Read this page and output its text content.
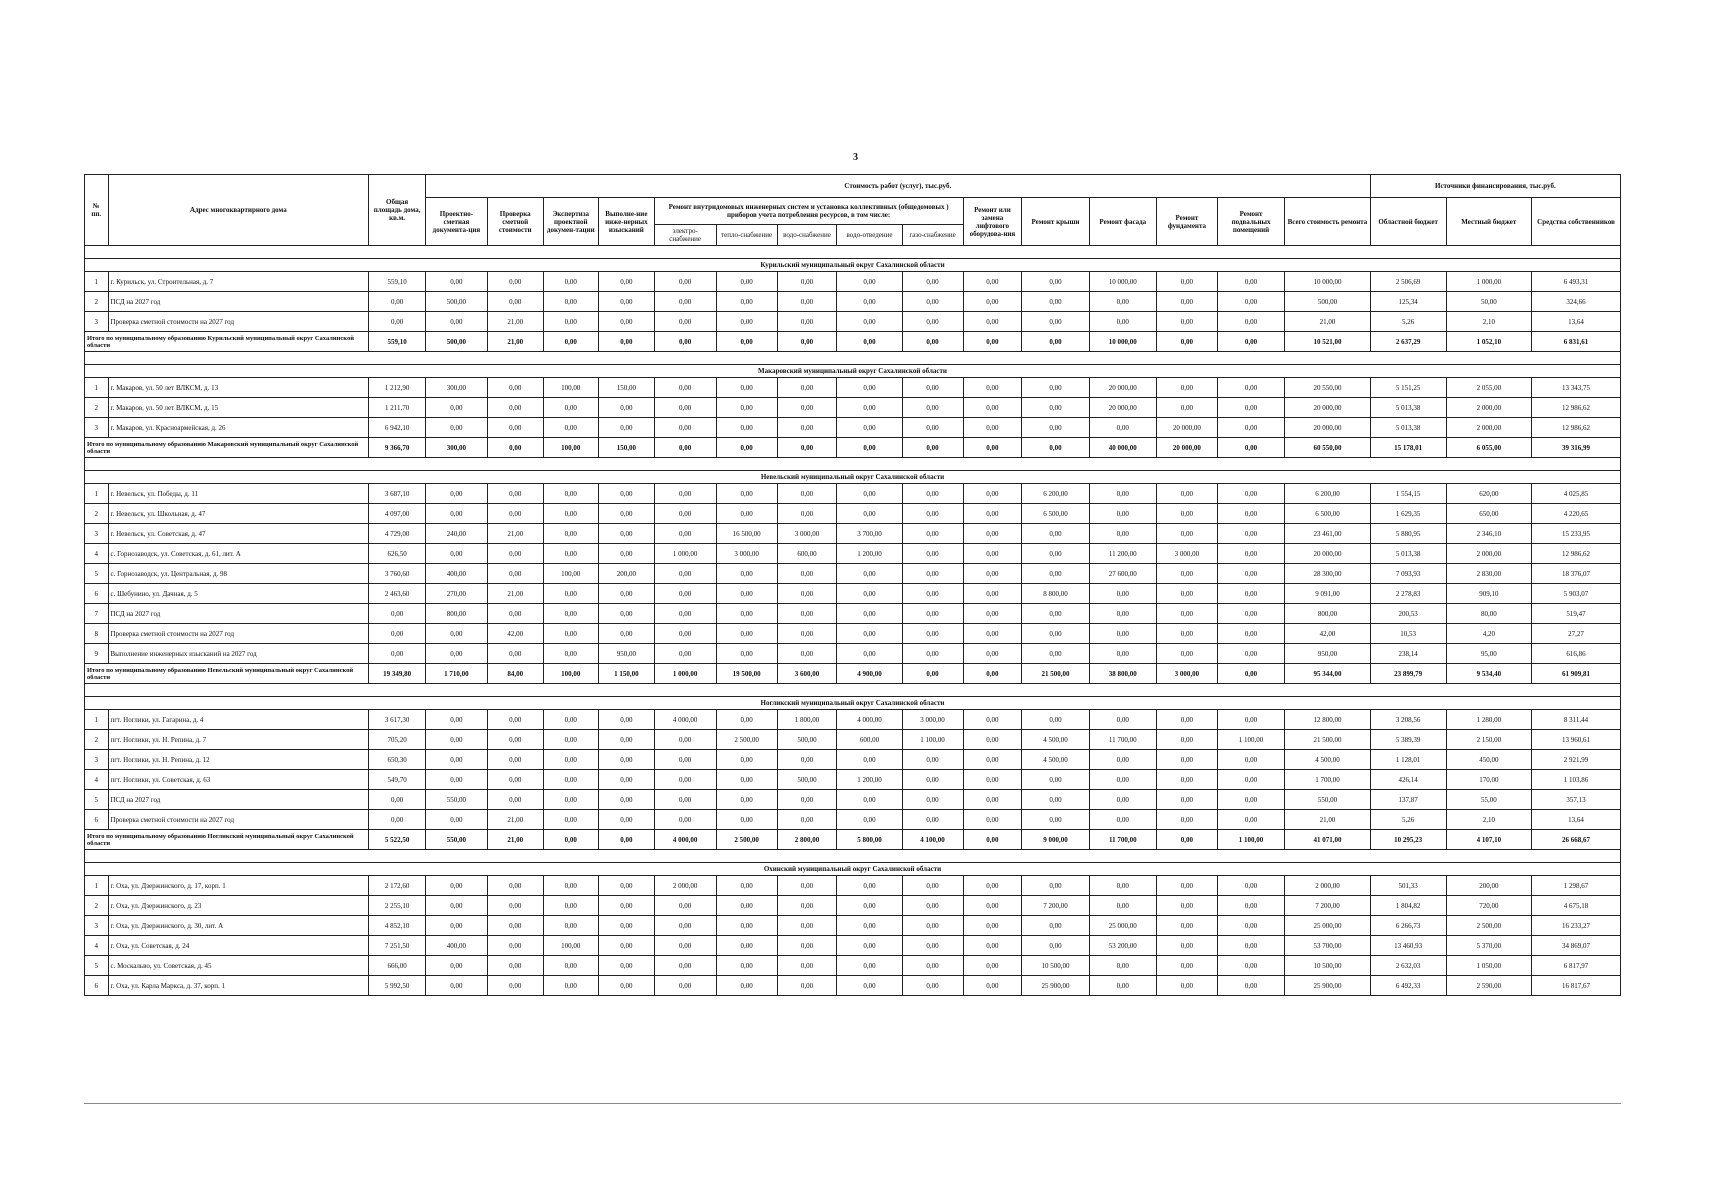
3
№ пп.	Адрес многоквартирного дома	Общая площадь дома, кв.м.	Стоимость работ (услуг), тыс.руб.															Источники финансирования, тыс.руб.		
			Проектно-сметная документа-ция	Проверка сметной стоимости	Экспертиза проектной докумен-тации	Выполне-ние инже-нерных изысканий	Ремонт внутридомовых инженерных систем и установка коллективных (общедомовых ) приборов учета потребления ресурсов, в том числе:					Ремонт или замена лифтового оборудова-ния	Ремонт крыши	Ремонт фасада	Ремонт фундамента	Ремонт подвальных помещений	Всего стоимость ремонта	Областной бюджет	Местный бюджет	Средства собственников
							электро-снабжение	тепло-снабжение	водо-снабжение	водо-отведение	газо-снабжение									

Курильский муниципальный округ Сахалинской области																				
1	г. Курильск, ул. Строительная, д. 7	559,10	0,00	0,00	0,00	0,00	0,00	0,00	0,00	0,00	0,00	0,00	0,00	10 000,00	0,00	0,00	10 000,00	2 506,69	1 000,00	6 493,31
2	ПСД на 2027 год	0,00	500,00	0,00	0,00	0,00	0,00	0,00	0,00	0,00	0,00	0,00	0,00	0,00	0,00	0,00	500,00	125,34	50,00	324,66
3	Проверка сметной стоимости на 2027 год	0,00	0,00	21,00	0,00	0,00	0,00	0,00	0,00	0,00	0,00	0,00	0,00	0,00	0,00	0,00	21,00	5,26	2,10	13,64
Итого по муниципальному образованию Курильский муниципальный округ Сахалинской области		559,10	500,00	21,00	0,00	0,00	0,00	0,00	0,00	0,00	0,00	0,00	0,00	10 000,00	0,00	0,00	10 521,00	2 637,29	1 052,10	6 831,61

Макаровский муниципальный округ Сахалинской области																				
1	г. Макаров, ул. 50 лет ВЛКСМ, д. 13	1 212,90	300,00	0,00	100,00	150,00	0,00	0,00	0,00	0,00	0,00	0,00	0,00	20 000,00	0,00	0,00	20 550,00	5 151,25	2 055,00	13 343,75
2	г. Макаров, ул. 50 лет ВЛКСМ, д. 15	1 211,70	0,00	0,00	0,00	0,00	0,00	0,00	0,00	0,00	0,00	0,00	0,00	20 000,00	0,00	0,00	20 000,00	5 013,38	2 000,00	12 986,62
3	г. Макаров, ул. Красноармейская, д. 26	6 942,10	0,00	0,00	0,00	0,00	0,00	0,00	0,00	0,00	0,00	0,00	0,00	0,00	20 000,00	0,00	20 000,00	5 013,38	2 000,00	12 986,62
Итого по муниципальному образованию Макаровский муниципальный округ Сахалинской области		9 366,70	300,00	0,00	100,00	150,00	0,00	0,00	0,00	0,00	0,00	0,00	0,00	40 000,00	20 000,00	0,00	60 550,00	15 178,01	6 055,00	39 316,99

Невельский муниципальный округ Сахалинской области																				
1	г. Невельск, ул. Победы, д. 11	3 687,10	0,00	0,00	0,00	0,00	0,00	0,00	0,00	0,00	0,00	0,00	6 200,00	0,00	0,00	0,00	6 200,00	1 554,15	620,00	4 025,85
2	г. Невельск, ул. Школьная, д. 47	4 097,00	0,00	0,00	0,00	0,00	0,00	0,00	0,00	0,00	0,00	0,00	6 500,00	0,00	0,00	0,00	6 500,00	1 629,35	650,00	4 220,65
3	г. Невельск, ул. Советская, д. 47	4 729,00	240,00	21,00	0,00	0,00	0,00	16 500,00	3 000,00	3 700,00	0,00	0,00	0,00	0,00	0,00	0,00	23 461,00	5 880,95	2 346,10	15 233,95
4	с. Горнозаводск, ул. Советская, д. 61, лит. А	626,50	0,00	0,00	0,00	0,00	1 000,00	3 000,00	600,00	1 200,00	0,00	0,00	0,00	11 200,00	3 000,00	0,00	20 000,00	5 013,38	2 000,00	12 986,62
5	с. Горнозаводск, ул. Центральная, д. 98	3 760,60	400,00	0,00	100,00	200,00	0,00	0,00	0,00	0,00	0,00	0,00	0,00	27 600,00	0,00	0,00	28 300,00	7 093,93	2 830,00	18 376,07
6	с. Шебунино, ул. Дачная, д. 5	2 463,60	270,00	21,00	0,00	0,00	0,00	0,00	0,00	0,00	0,00	0,00	8 800,00	0,00	0,00	0,00	9 091,00	2 278,83	909,10	5 903,07
7	ПСД на 2027 год	0,00	800,00	0,00	0,00	0,00	0,00	0,00	0,00	0,00	0,00	0,00	0,00	0,00	0,00	0,00	800,00	200,53	80,00	519,47
8	Проверка сметной стоимости на 2027 год	0,00	0,00	42,00	0,00	0,00	0,00	0,00	0,00	0,00	0,00	0,00	0,00	0,00	0,00	0,00	42,00	10,53	4,20	27,27
9	Выполнение инженерных изысканий на 2027 год	0,00	0,00	0,00	0,00	950,00	0,00	0,00	0,00	0,00	0,00	0,00	0,00	0,00	0,00	0,00	950,00	238,14	95,00	616,86
Итого по муниципальному образованию Невельский муниципальный округ Сахалинской области		19 349,80	1 710,00	84,00	100,00	1 150,00	1 000,00	19 500,00	3 600,00	4 900,00	0,00	0,00	21 500,00	38 800,00	3 000,00	0,00	95 344,00	23 899,79	9 534,40	61 909,81

Ногликский муниципальный округ Сахалинской области																				
1	пгт. Ноглики, ул. Гагарина, д. 4	3 617,30	0,00	0,00	0,00	0,00	4 000,00	0,00	1 800,00	4 000,00	3 000,00	0,00	0,00	0,00	0,00	0,00	12 800,00	3 208,56	1 280,00	8 311,44
2	пгт. Ноглики, ул. Н. Репина, д. 7	705,20	0,00	0,00	0,00	0,00	0,00	2 500,00	500,00	600,00	1 100,00	0,00	4 500,00	11 700,00	0,00	1 100,00	21 500,00	5 389,39	2 150,00	13 960,61
3	пгт. Ноглики, ул. Н. Репина, д. 12	650,30	0,00	0,00	0,00	0,00	0,00	0,00	0,00	0,00	0,00	0,00	4 500,00	0,00	0,00	0,00	4 500,00	1 128,01	450,00	2 921,99
4	пгт. Ноглики, ул. Советская, д. 63	549,70	0,00	0,00	0,00	0,00	0,00	0,00	500,00	1 200,00	0,00	0,00	0,00	0,00	0,00	0,00	1 700,00	426,14	170,00	1 103,86
5	ПСД на 2027 год	0,00	550,00	0,00	0,00	0,00	0,00	0,00	0,00	0,00	0,00	0,00	0,00	0,00	0,00	0,00	550,00	137,87	55,00	357,13
6	Проверка сметной стоимости на 2027 год	0,00	0,00	21,00	0,00	0,00	0,00	0,00	0,00	0,00	0,00	0,00	0,00	0,00	0,00	0,00	21,00	5,26	2,10	13,64
Итого по муниципальному образованию Ногликский муниципальный округ Сахалинской области		5 522,50	550,00	21,00	0,00	0,00	4 000,00	2 500,00	2 800,00	5 800,00	4 100,00	0,00	9 000,00	11 700,00	0,00	1 100,00	41 071,00	10 295,23	4 107,10	26 668,67

Охинский муниципальный округ Сахалинской области																				
1	г. Оха, ул. Дзержинского, д. 17, корп. 1	2 172,60	0,00	0,00	0,00	0,00	2 000,00	0,00	0,00	0,00	0,00	0,00	0,00	0,00	0,00	0,00	2 000,00	501,33	200,00	1 298,67
2	г. Оха, ул. Дзержинского, д. 23	2 255,10	0,00	0,00	0,00	0,00	0,00	0,00	0,00	0,00	0,00	0,00	7 200,00	0,00	0,00	0,00	7 200,00	1 804,82	720,00	4 675,18
3	г. Оха, ул. Дзержинского, д. 30, лит. А	4 852,10	0,00	0,00	0,00	0,00	0,00	0,00	0,00	0,00	0,00	0,00	0,00	25 000,00	0,00	0,00	25 000,00	6 266,73	2 500,00	16 233,27
4	г. Оха, ул. Советская, д. 24	7 251,50	400,00	0,00	100,00	0,00	0,00	0,00	0,00	0,00	0,00	0,00	0,00	53 200,00	0,00	0,00	53 700,00	13 460,93	5 370,00	34 869,07
5	с. Москальво, ул. Советская, д. 45	666,00	0,00	0,00	0,00	0,00	0,00	0,00	0,00	0,00	0,00	0,00	10 500,00	0,00	0,00	0,00	10 500,00	2 632,03	1 050,00	6 817,97
6	г. Оха, ул. Карла Маркса, д. 37, корп. 1	5 992,50	0,00	0,00	0,00	0,00	0,00	0,00	0,00	0,00	0,00	0,00	25 900,00	0,00	0,00	0,00	25 900,00	6 492,33	2 590,00	16 817,67
